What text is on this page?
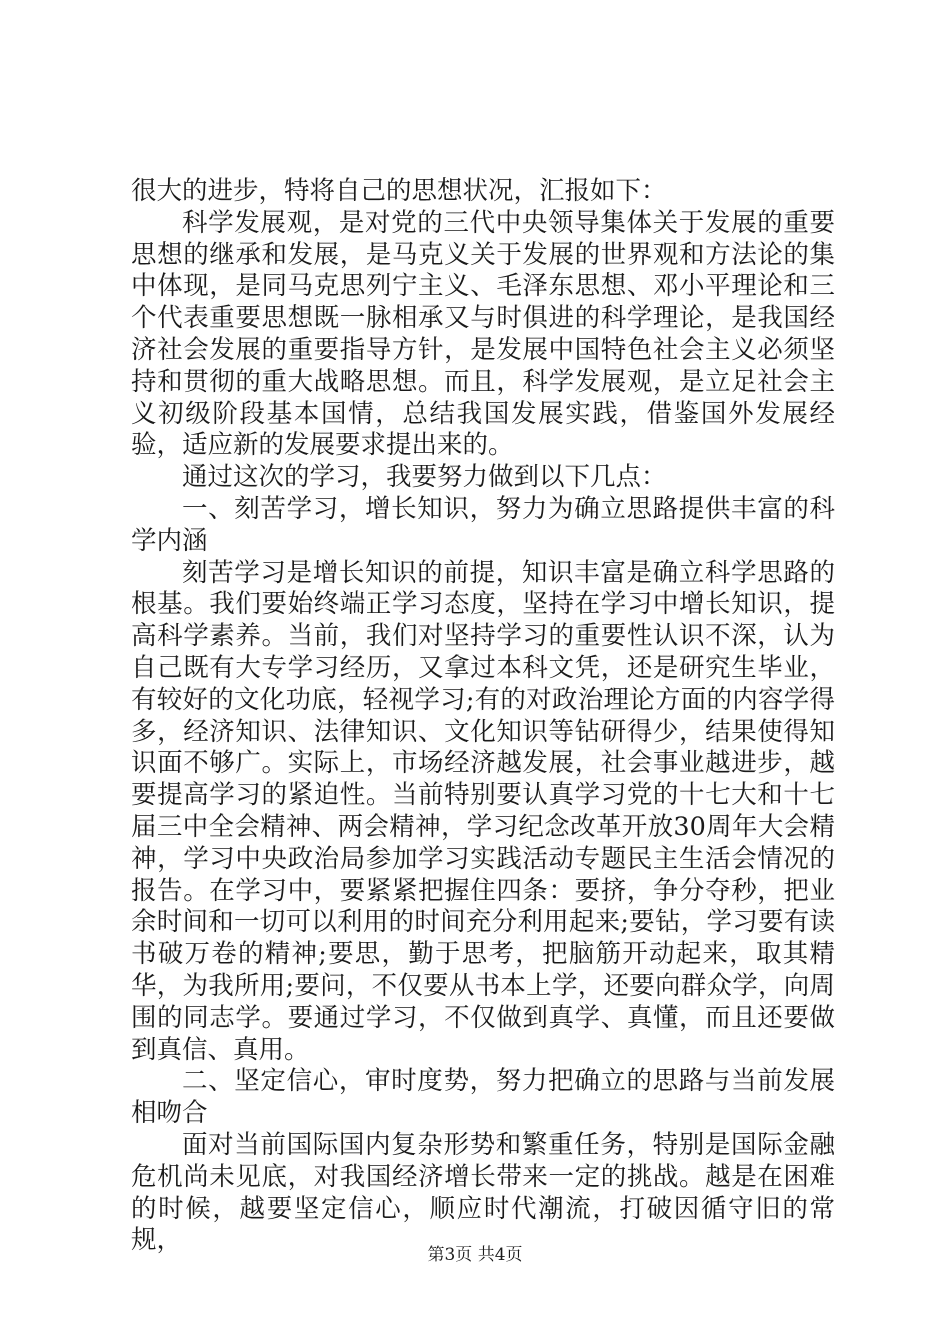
很大的进步，特将自己的思想状况，汇报如下：

科学发展观，是对党的三代中央领导集体关于发展的重要思想的继承和发展，是马克义关于发展的世界观和方法论的集中体现，是同马克思列宁主义、毛泽东思想、邓小平理论和三个代表重要思想既一脉相承又与时俱进的科学理论，是我国经济社会发展的重要指导方针，是发展中国特色社会主义必须坚持和贯彻的重大战略思想。而且，科学发展观，是立足社会主义初级阶段基本国情，总结我国发展实践，借鉴国外发展经验，适应新的发展要求提出来的。

通过这次的学习，我要努力做到以下几点：

一、刻苦学习，增长知识，努力为确立思路提供丰富的科学内涵

刻苦学习是增长知识的前提，知识丰富是确立科学思路的根基。我们要始终端正学习态度，坚持在学习中增长知识，提高科学素养。当前，我们对坚持学习的重要性认识不深，认为自己既有大专学习经历，又拿过本科文凭，还是研究生毕业，有较好的文化功底，轻视学习;有的对政治理论方面的内容学得多，经济知识、法律知识、文化知识等钻研得少，结果使得知识面不够广。实际上，市场经济越发展，社会事业越进步，越要提高学习的紧迫性。当前特别要认真学习党的十七大和十七届三中全会精神、两会精神，学习纪念改革开放30周年大会精神，学习中央政治局参加学习实践活动专题民主生活会情况的报告。在学习中，要紧紧把握住四条：要挤，争分夺秒，把业余时间和一切可以利用的时间充分利用起来;要钻，学习要有读书破万卷的精神;要思，勤于思考，把脑筋开动起来，取其精华，为我所用;要问，不仅要从书本上学，还要向群众学，向周围的同志学。要通过学习，不仅做到真学、真懂，而且还要做到真信、真用。

二、坚定信心，审时度势，努力把确立的思路与当前发展相吻合

面对当前国际国内复杂形势和繁重任务，特别是国际金融危机尚未见底，对我国经济增长带来一定的挑战。越是在困难的时候，越要坚定信心，顺应时代潮流，打破因循守旧的常规，	第3页 共4页
